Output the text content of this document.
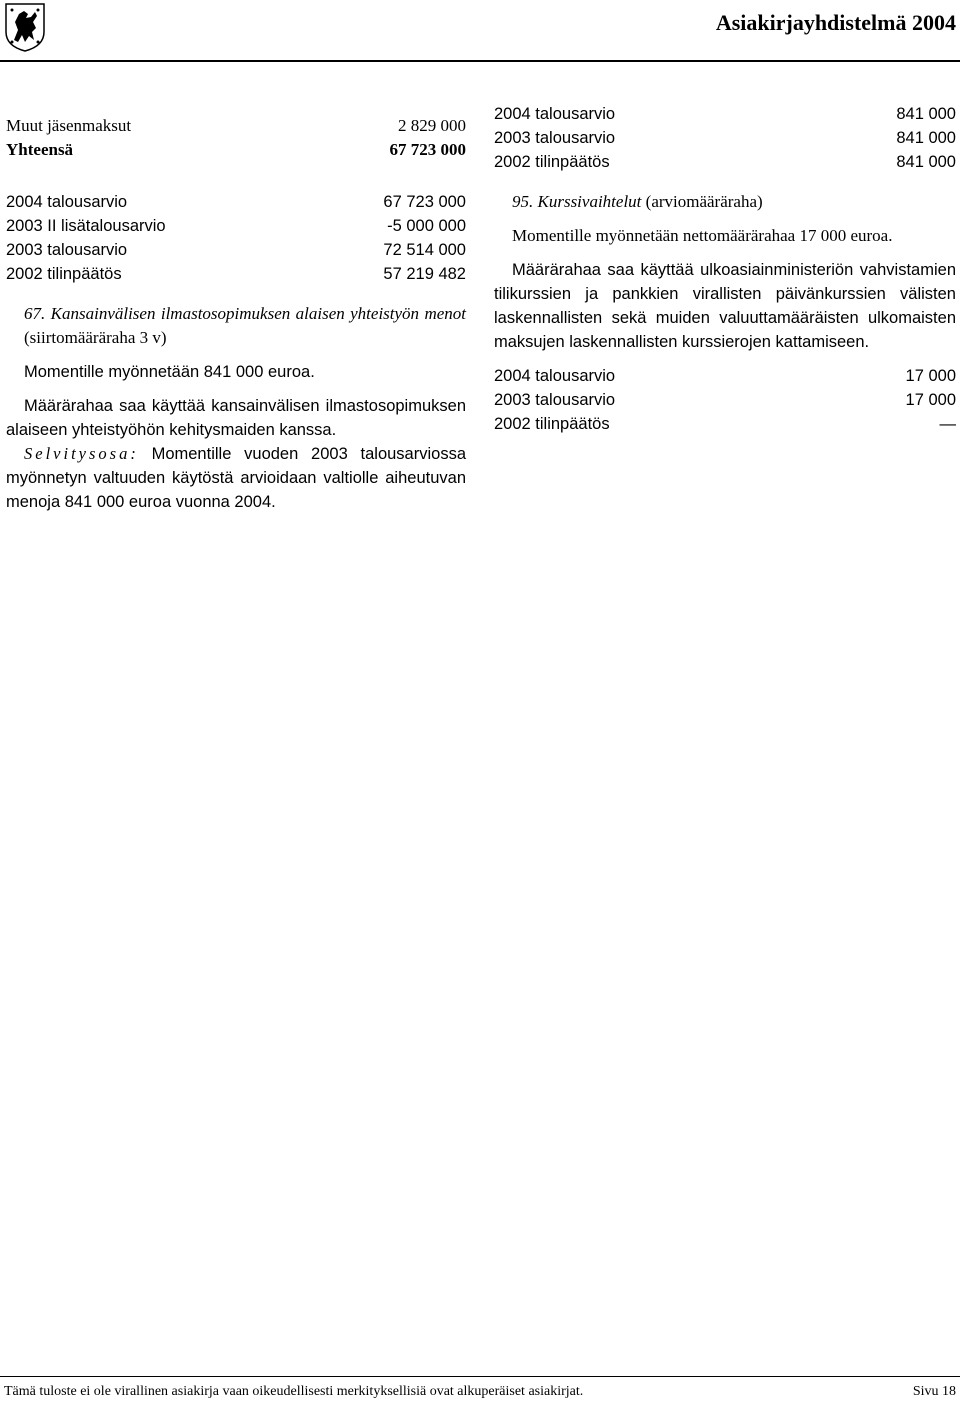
Asiakirjayhdistelmä 2004
Muut jäsenmaksut	2 829 000
Yhteensä	67 723 000
2004 talousarvio	67 723 000
2003 II lisätalousarvio	-5 000 000
2003 talousarvio	72 514 000
2002 tilinpäätös	57 219 482

67. Kansainvälisen ilmastosopimuksen alaisen yhteistyön menot (siirtomääräraha 3 v)

Momentille myönnetään 841 000 euroa.

Määrärahaa saa käyttää kansainvälisen ilmastosopimuksen alaiseen yhteistyöhön kehitysmaiden kanssa.

Selvitysosa: Momentille vuoden 2003 talousarviossa myönnetyn valtuuden käytöstä arvioidaan valtiolle aiheutuvan menoja 841 000 euroa vuonna 2004.

2004 talousarvio	841 000
2003 talousarvio	841 000
2002 tilinpäätös	841 000

95. Kurssivaihtelut (arviomääräraha)

Momentille myönnetään nettomäärärahaa 17 000 euroa.

Määrärahaa saa käyttää ulkoasiainministeriön vahvistamien tilikurssien ja pankkien virallisten päivänkurssien välisten laskennallisten sekä muiden valuuttamääräisten ulkomaisten maksujen laskennallisten kurssierojen kattamiseen.

2004 talousarvio	17 000
2003 talousarvio	17 000
2002 tilinpäätös	—
Tämä tuloste ei ole virallinen asiakirja vaan oikeudellisesti merkityksellisiä ovat alkuperäiset asiakirjat.	Sivu 18
